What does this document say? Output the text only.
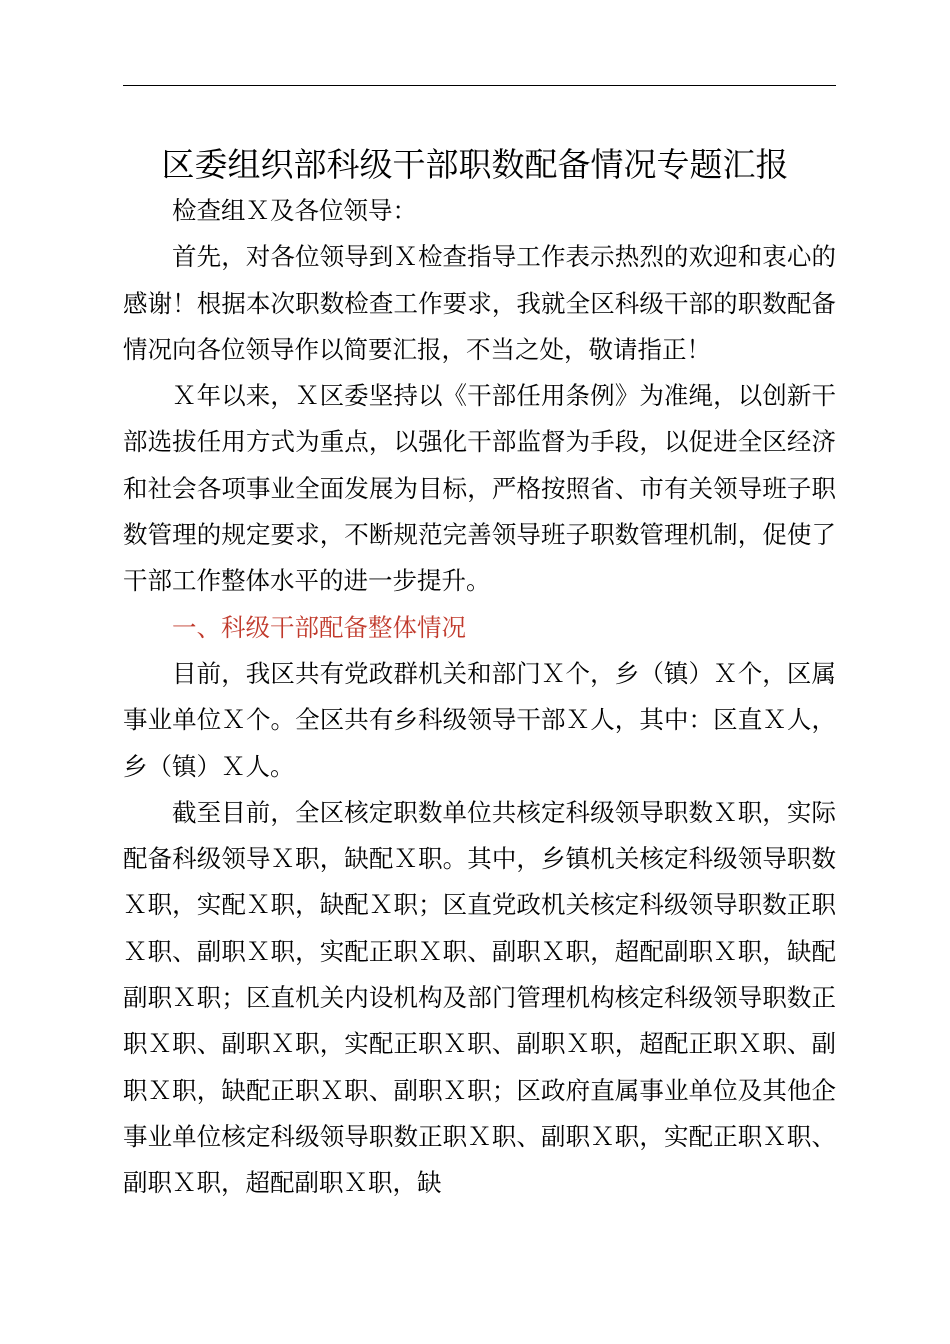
区委组织部科级干部职数配备情况专题汇报

检查组Ｘ及各位领导：

首先，对各位领导到Ｘ检查指导工作表示热烈的欢迎和衷心的感谢！根据本次职数检查工作要求，我就全区科级干部的职数配备情况向各位领导作以简要汇报，不当之处，敬请指正！

Ｘ年以来，Ｘ区委坚持以《干部任用条例》为准绳，以创新干部选拔任用方式为重点，以强化干部监督为手段，以促进全区经济和社会各项事业全面发展为目标，严格按照省、市有关领导班子职数管理的规定要求，不断规范完善领导班子职数管理机制，促使了干部工作整体水平的进一步提升。

一、科级干部配备整体情况

目前，我区共有党政群机关和部门Ｘ个，乡（镇）Ｘ个，区属事业单位Ｘ个。全区共有乡科级领导干部Ｘ人，其中：区直Ｘ人，乡（镇）Ｘ人。

截至目前，全区核定职数单位共核定科级领导职数Ｘ职，实际配备科级领导Ｘ职，缺配Ｘ职。其中，乡镇机关核定科级领导职数Ｘ职，实配Ｘ职，缺配Ｘ职；区直党政机关核定科级领导职数正职Ｘ职、副职Ｘ职，实配正职Ｘ职、副职Ｘ职，超配副职Ｘ职，缺配副职Ｘ职；区直机关内设机构及部门管理机构核定科级领导职数正职Ｘ职、副职Ｘ职，实配正职Ｘ职、副职Ｘ职，超配正职Ｘ职、副职Ｘ职，缺配正职Ｘ职、副职Ｘ职；区政府直属事业单位及其他企事业单位核定科级领导职数正职Ｘ职、副职Ｘ职，实配正职Ｘ职、副职Ｘ职，超配副职Ｘ职，缺
